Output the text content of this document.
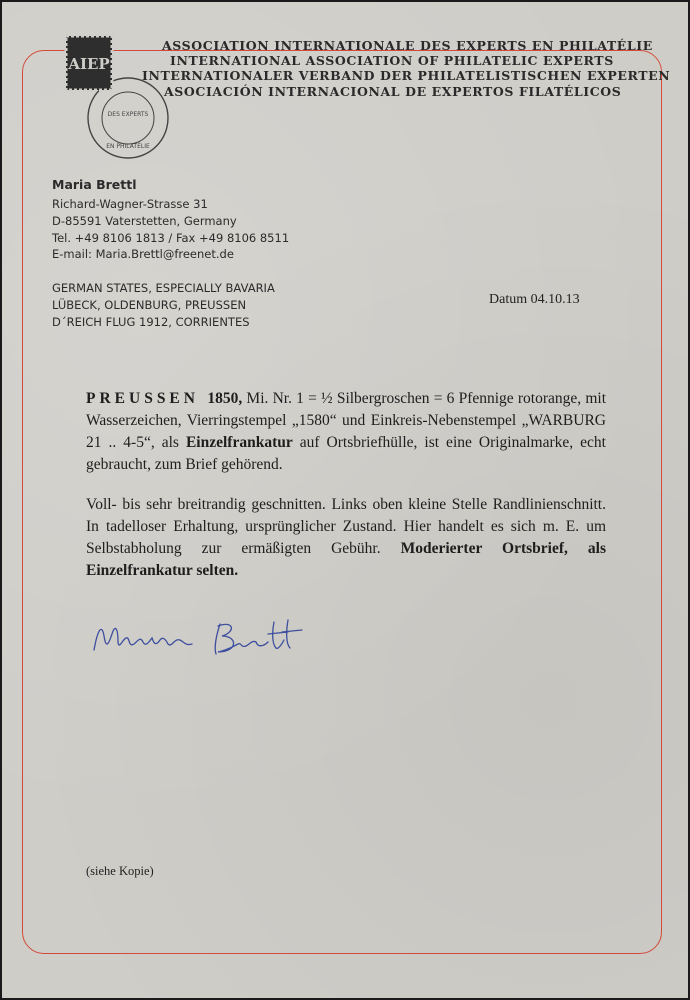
AIEP
DES EXPERTS
EN PHILATÉLIE
ASSOCIATION INTERNATIONALE DES EXPERTS EN PHILATÉLIE
INTERNATIONAL ASSOCIATION OF PHILATELIC EXPERTS
INTERNATIONALER VERBAND DER PHILATELISTISCHEN EXPERTEN
ASOCIACIÓN INTERNACIONAL DE EXPERTOS FILATÉLICOS
Maria Brettl
Richard-Wagner-Strasse 31
D-85591 Vaterstetten, Germany
Tel. +49 8106 1813 / Fax +49 8106 8511
E-mail: Maria.Brettl@freenet.de
GERMAN STATES, ESPECIALLY BAVARIA
LÜBECK, OLDENBURG, PREUSSEN
D´REICH FLUG 1912, CORRIENTES
Datum 04.10.13

PREUSSEN 1850, Mi. Nr. 1 = ½ Silbergroschen = 6 Pfennige rotorange, mit Wasserzeichen, Vierringstempel „1580“ und Einkreis-Nebenstempel „WARBURG 21 .. 4-5“, als Einzelfrankatur auf Ortsbriefhülle, ist eine Originalmarke, echt gebraucht, zum Brief gehörend.

Voll- bis sehr breitrandig geschnitten. Links oben kleine Stelle Randlinienschnitt. In tadelloser Erhaltung, ursprünglicher Zustand. Hier handelt es sich m. E. um Selbstabholung zur ermäßigten Gebühr. Moderierter Ortsbrief, als Einzelfrankatur selten.

(siehe Kopie)
